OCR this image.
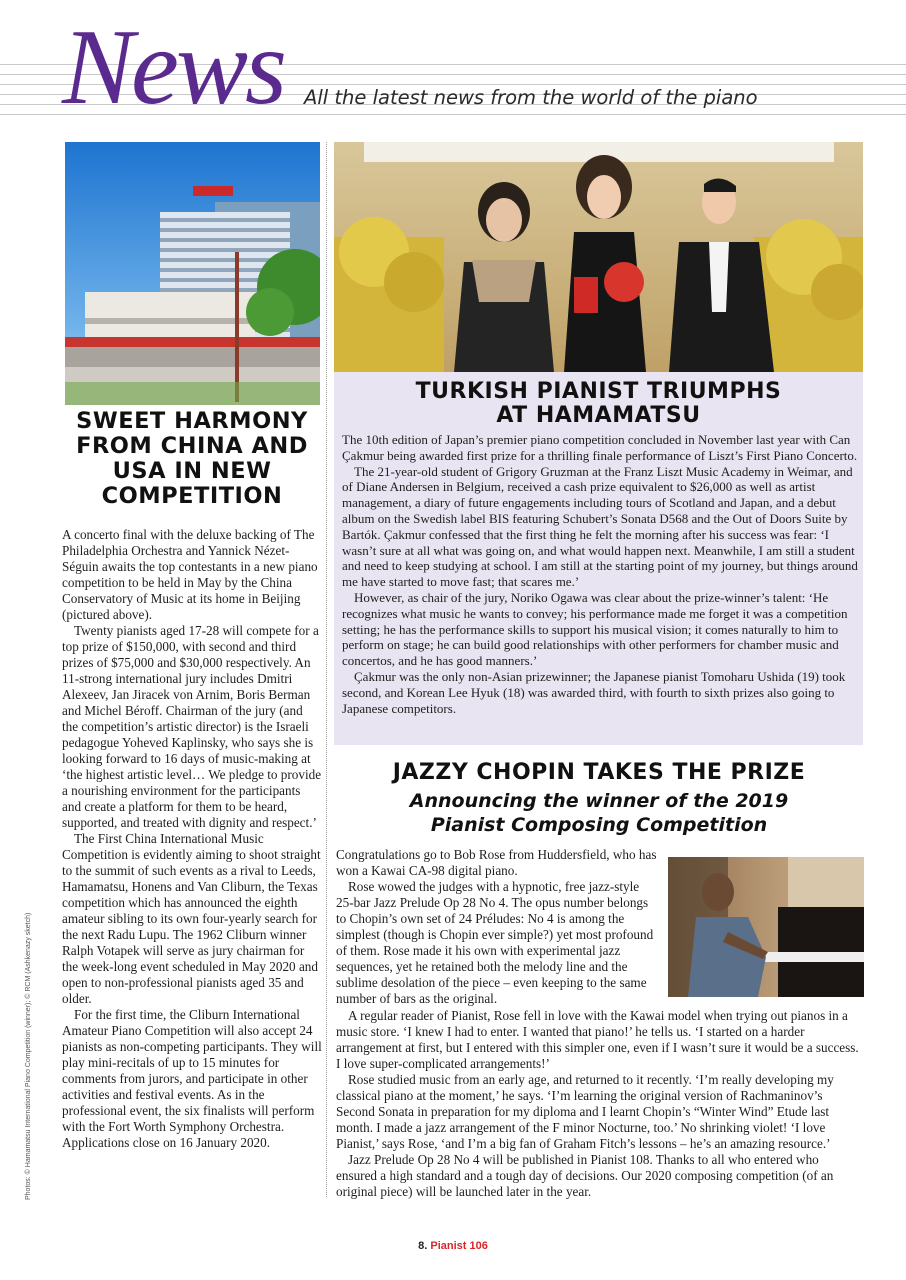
News All the latest news from the world of the piano
SWEET HARMONY FROM CHINA AND USA IN NEW COMPETITION

A concerto final with the deluxe backing of The Philadelphia Orchestra and Yannick Nézet-Séguin awaits the top contestants in a new piano competition to be held in May by the China Conservatory of Music at its home in Beijing (pictured above).

Twenty pianists aged 17-28 will compete for a top prize of $150,000, with second and third prizes of $75,000 and $30,000 respectively. An 11-strong international jury includes Dmitri Alexeev, Jan Jiracek von Arnim, Boris Berman and Michel Béroff. Chairman of the jury (and the competition’s artistic director) is the Israeli pedagogue Yoheved Kaplinsky, who says she is looking forward to 16 days of music-making at ‘the highest artistic level… We pledge to provide a nourishing environment for the participants and create a platform for them to be heard, supported, and treated with dignity and respect.’

The First China International Music Competition is evidently aiming to shoot straight to the summit of such events as a rival to Leeds, Hamamatsu, Honens and Van Cliburn, the Texas competition which has announced the eighth amateur sibling to its own four-yearly search for the next Radu Lupu. The 1962 Cliburn winner Ralph Votapek will serve as jury chairman for the week-long event scheduled in May 2020 and open to non-professional pianists aged 35 and older.

For the first time, the Cliburn International Amateur Piano Competition will also accept 24 pianists as non-competing participants. They will play mini-recitals of up to 15 minutes for comments from jurors, and participate in other activities and festival events. As in the professional event, the six finalists will perform with the Fort Worth Symphony Orchestra. Applications close on 16 January 2020.

TURKISH PIANIST TRIUMPHS
AT HAMAMATSU

The 10th edition of Japan’s premier piano competition concluded in November last year with Can Çakmur being awarded first prize for a thrilling finale performance of Liszt’s First Piano Concerto.

The 21-year-old student of Grigory Gruzman at the Franz Liszt Music Academy in Weimar, and of Diane Andersen in Belgium, received a cash prize equivalent to $26,000 as well as artist management, a diary of future engagements including tours of Scotland and Japan, and a debut album on the Swedish label BIS featuring Schubert’s Sonata D568 and the Out of Doors Suite by Bartók. Çakmur confessed that the first thing he felt the morning after his success was fear: ‘I wasn’t sure at all what was going on, and what would happen next. Meanwhile, I am still a student and need to keep studying at school. I am still at the starting point of my journey, but things around me have started to move fast; that scares me.’

However, as chair of the jury, Noriko Ogawa was clear about the prize-winner’s talent: ‘He recognizes what music he wants to convey; his performance made me forget it was a competition setting; he has the performance skills to support his musical vision; it comes naturally to him to perform on stage; he can build good relationships with other performers for chamber music and concertos, and he has good manners.’

Çakmur was the only non-Asian prizewinner; the Japanese pianist Tomoharu Ushida (19) took second, and Korean Lee Hyuk (18) was awarded third, with fourth to sixth prizes also going to Japanese competitors.

JAZZY CHOPIN TAKES THE PRIZE
Announcing the winner of the 2019
Pianist Composing Competition

Congratulations go to Bob Rose from Huddersfield, who has won a Kawai CA-98 digital piano.

Rose wowed the judges with a hypnotic, free jazz-style 25-bar Jazz Prelude Op 28 No 4. The opus number belongs to Chopin’s own set of 24 Préludes: No 4 is among the simplest (though is Chopin ever simple?) yet most profound of them. Rose made it his own with experimental jazz sequences, yet he retained both the melody line and the sublime desolation of the piece – even keeping to the same number of bars as the original.

A regular reader of Pianist, Rose fell in love with the Kawai model when trying out pianos in a music store. ‘I knew I had to enter. I wanted that piano!’ he tells us. ‘I started on a harder arrangement at first, but I entered with this simpler one, even if I wasn’t sure it would be a success. I love super-complicated arrangements!’

Rose studied music from an early age, and returned to it recently. ‘I’m really developing my classical piano at the moment,’ he says. ‘I’m learning the original version of Rachmaninov’s Second Sonata in preparation for my diploma and I learnt Chopin’s “Winter Wind” Etude last month. I made a jazz arrangement of the F minor Nocturne, too.’ No shrinking violet! ‘I love Pianist,’ says Rose, ‘and I’m a big fan of Graham Fitch’s lessons – he’s an amazing resource.’

Jazz Prelude Op 28 No 4 will be published in Pianist 108. Thanks to all who entered who ensured a high standard and a tough day of decisions. Our 2020 composing competition (of an original piece) will be launched later in the year.

Photos: © Hamamatsu International Piano Competition (winner); © RCM (Ashkenazy sketch)
8. Pianist 106
